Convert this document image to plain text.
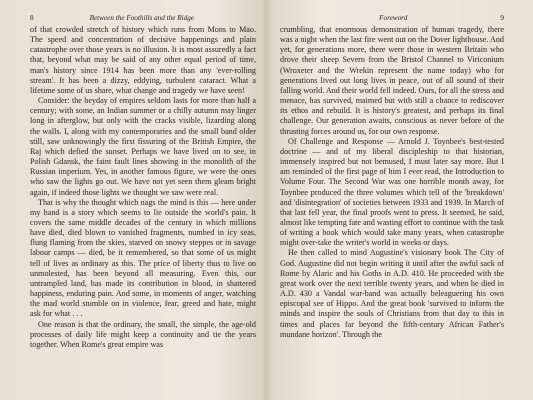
8	Between the Foothills and the Ridge

of that crowded stretch of history which runs from Mons to Mao. The speed and concentration of decisive happenings and plain catastrophe over those years is no illusion. It is most assuredly a fact that, beyond what may be said of any other equal period of time, man's history since 1914 has been more than any 'ever-rolling stream'. It has been a dizzy, eddying, turbulent cataract. What a lifetime some of us share, what change and tragedy we have seen!

Consider: the heyday of empires seldom lasts for more than half a century; with some, an Indian summer or a chilly autumn may linger long in afterglow, but only with the cracks visible, lizarding along the walls. I, along with my contemporaries and the small band older still, saw unknowingly the first fissuring of the British Empire, the Raj which defied the sunset. Perhaps we have lived on to see, in Polish Gdansk, the faint fault lines showing in the monolith of the Russian imperium. Yes, in another famous figure, we were the ones who saw the lights go out. We have not yet seen them gleam bright again, if indeed those lights we thought we saw were real.

That is why the thought which nags the mind is this — here under my hand is a story which seems to lie outside the world's pain. It covers the same middle decades of the century in which millions have died, died blown to vanished fragments, numbed in icy seas, flung flaming from the skies, starved on snowy steppes or in savage labour camps — died, be it remembered, so that some of us might tell of lives as ordinary as this. The price of liberty thus to live on unmolested, has been beyond all measuring. Even this, our untrampled land, has made its contribution in blood, in shattered happiness, enduring pain. And some, in moments of anger, watching the mad world stumble on in violence, fear, greed and hate, might ask for what . . .

One reason is that the ordinary, the small, the simple, the age-old processes of daily life might keep a continuity and tie the years together. When Rome's great empire was

Foreword	9

crumbling, that enormous demonstration of human tragedy, there was a night when the last fire went out on the Dover lighthouse. And yet, for generations more, there were those in western Britain who drove their sheep Severn from the Bristol Channel to Viriconium (Wroxeter and the Wrekin represent the name today) who for generations lived out long lives in peace, out of all sound of their falling world. And their world fell indeed. Ours, for all the stress and menace, has survived, maimed but with still a chance to rediscover its ethos and rebuild. It is history's greatest, and perhaps its final challenge. Our generation awaits, conscious as never before of the thrusting forces around us, for our own response.

Of Challenge and Response — Arnold J. Toynbee's best-tested doctrine — and of my liberal discipleship to that historian, immensely inspired but not bemused, I must later say more. But I am reminded of the first page of him I ever read, the Introduction to Volume Four. The Second War was one horrible month away, for Toynbee produced the three volumes which tell of the 'breakdown' and 'disintegration' of societies between 1933 and 1939. In March of that last fell year, the final proofs went to press. It seemed, he said, almost like tempting fate and wasting effort to continue with the task of writing a book which would take many years, when catastrophe might over-take the writer's world in weeks or days.

He then called to mind Augustine's visionary book The City of God. Augustine did not begin writing it until after the awful sack of Rome by Alaric and his Goths in A.D. 410. He proceeded with the great work over the next terrible twenty years, and when he died in A.D. 430 a Vandal war-band was actually beleaguering his own episcopal see of Hippo. And the great book 'survived to inform the minds and inspire the souls of Christians from that day to this in times and places far beyond the fifth-century African Father's mundane horizon'. Through the
